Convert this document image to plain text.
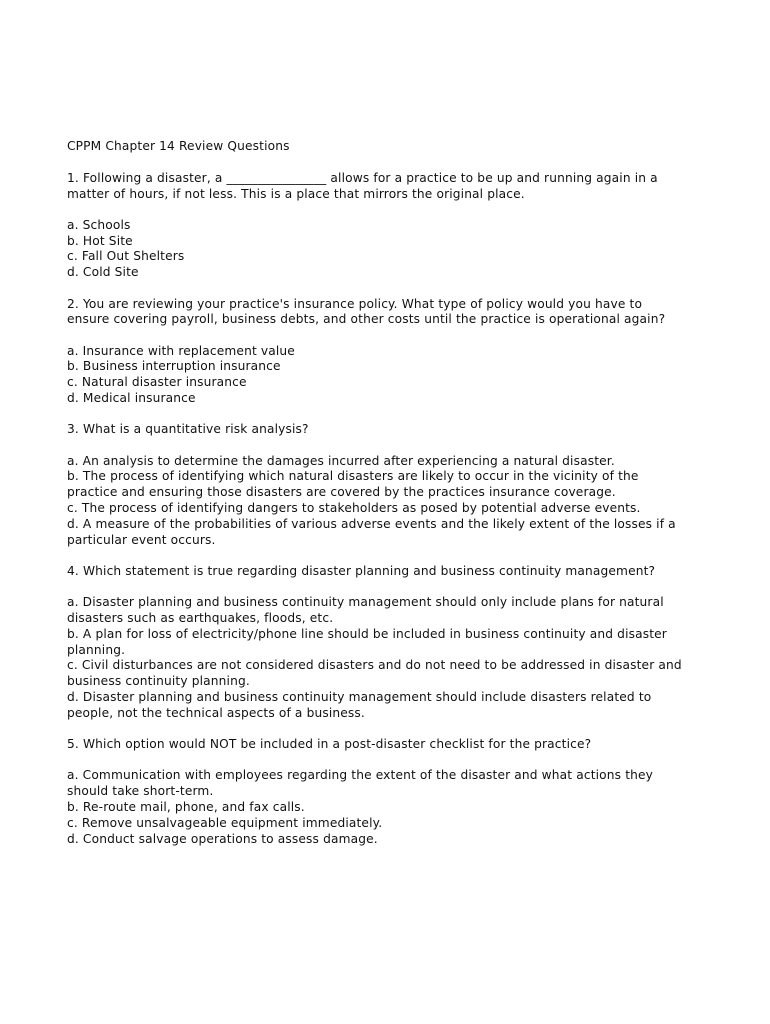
CPPM Chapter 14 Review Questions
1. Following a disaster, a ________________ allows for a practice to be up and running again in a matter of hours, if not less. This is a place that mirrors the original place.
a. Schools
b. Hot Site
c. Fall Out Shelters
d. Cold Site
2. You are reviewing your practice's insurance policy. What type of policy would you have to ensure covering payroll, business debts, and other costs until the practice is operational again?
a. Insurance with replacement value
b. Business interruption insurance
c. Natural disaster insurance
d. Medical insurance
3. What is a quantitative risk analysis?
a. An analysis to determine the damages incurred after experiencing a natural disaster.
b. The process of identifying which natural disasters are likely to occur in the vicinity of the practice and ensuring those disasters are covered by the practices insurance coverage.
c. The process of identifying dangers to stakeholders as posed by potential adverse events.
d. A measure of the probabilities of various adverse events and the likely extent of the losses if a particular event occurs.
4. Which statement is true regarding disaster planning and business continuity management?
a. Disaster planning and business continuity management should only include plans for natural disasters such as earthquakes, floods, etc.
b. A plan for loss of electricity/phone line should be included in business continuity and disaster planning.
c. Civil disturbances are not considered disasters and do not need to be addressed in disaster and business continuity planning.
d. Disaster planning and business continuity management should include disasters related to people, not the technical aspects of a business.
5. Which option would NOT be included in a post-disaster checklist for the practice?
a. Communication with employees regarding the extent of the disaster and what actions they should take short-term.
b. Re-route mail, phone, and fax calls.
c. Remove unsalvageable equipment immediately.
d. Conduct salvage operations to assess damage.
